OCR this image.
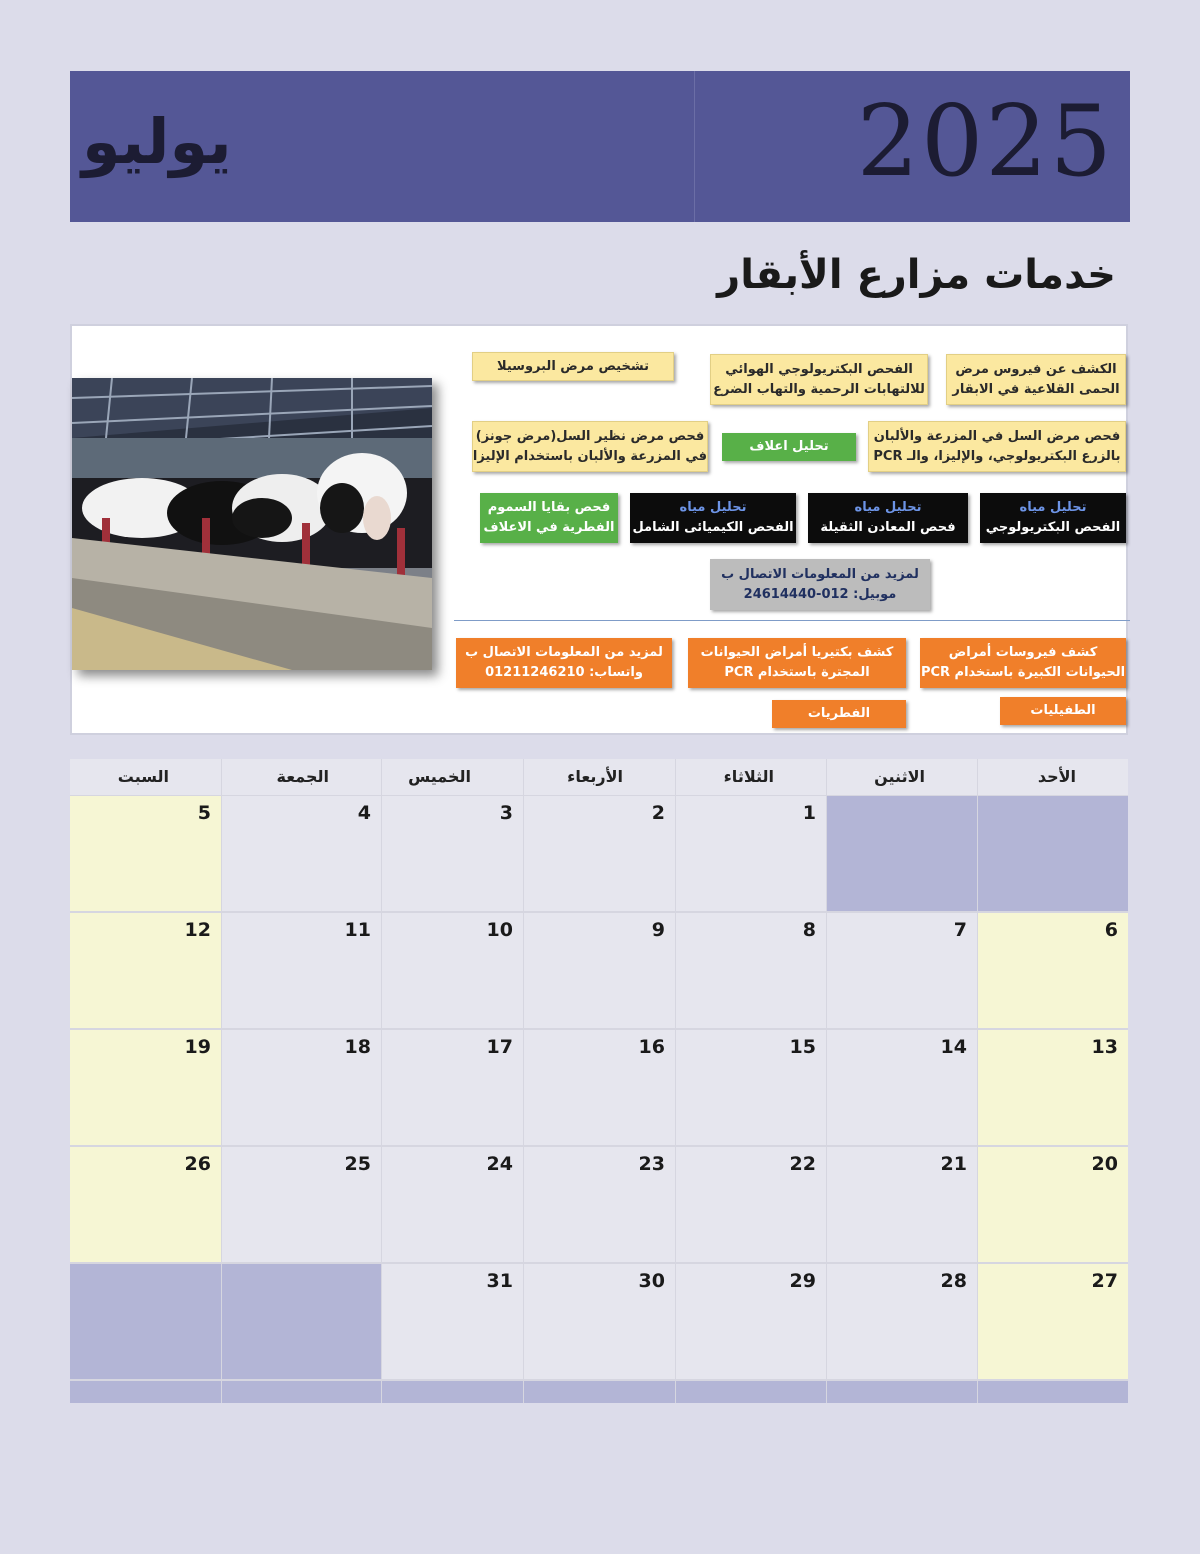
2025
يوليو
خدمات مزارع الأبقار
الكشف عن فيروس مرض
الحمى القلاعية في الابقار
الفحص البكتريولوجي الهوائي
للالتهابات الرحمية والتهاب الضرع
تشخيص مرض البروسيلا
فحص مرض السل في المزرعة والألبان
بالزرع البكتريولوجي، والإليزا، والـ PCR
تحليل اعلاف
فحص مرض نظير السل(مرض جونز)
في المزرعة والألبان باستخدام الإليزا
تحليل مياه
الفحص البكتريولوجي
تحليل مياه
فحص المعادن الثقيلة
تحليل مياه
الفحص الكيميائى الشامل
فحص بقايا السموم
الفطرية في الاعلاف
لمزيد من المعلومات الاتصال ب
موبيل: 012-24614440
كشف فيروسات أمراض
الحيوانات الكبيرة باستخدام PCR
كشف بكتيريا أمراض الحيوانات
المجترة باستخدام PCR
لمزيد من المعلومات الاتصال ب
واتساب: 01211246210
الطفيليات
الفطريات
الأحد
الاثنين
الثلاثاء
الأربعاء
الخميس
الجمعة
السبت
1
2
3
4
5
6
7
8
9
10
11
12
13
14
15
16
17
18
19
20
21
22
23
24
25
26
27
28
29
30
31
